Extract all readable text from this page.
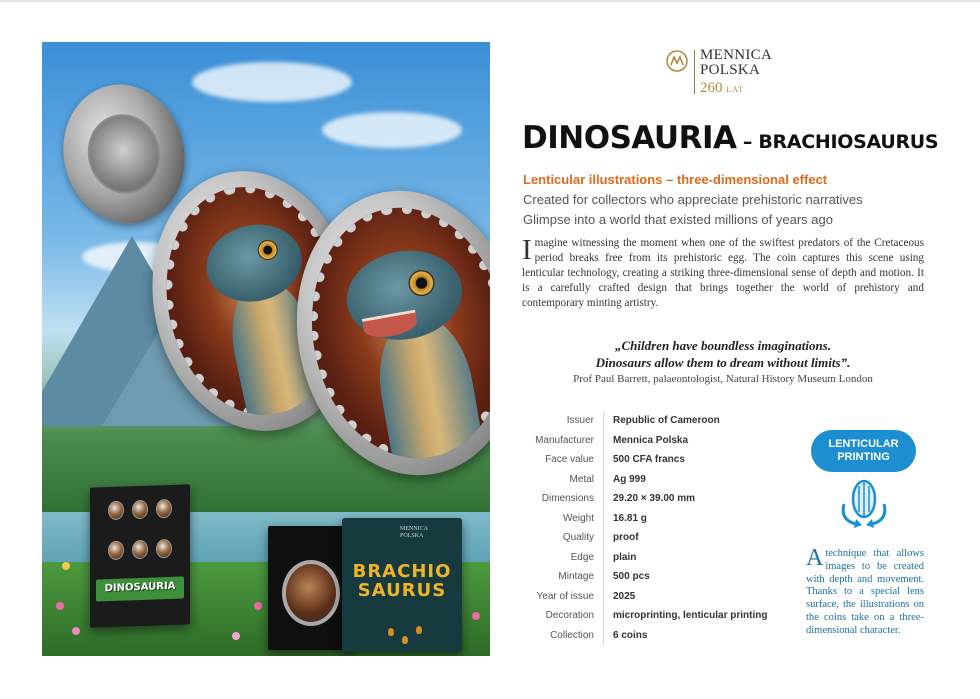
DINOSAURIA
MENNICA
POLSKA
BRACHIO
SAURUS
MENNICA
POLSKA
260 LAT
DINOSAURIA – BRACHIOSAURUS
Lenticular illustrations – three-dimensional effect
Created for collectors who appreciate prehistoric narratives
Glimpse into a world that existed millions of years ago
Imagine witnessing the moment when one of the swiftest predators of the Cretaceous period breaks free from its prehistoric egg. The coin captures this scene using lenticular technology, creating a striking three-dimensional sense of depth and motion. It is a carefully crafted design that brings together the world of prehistory and contemporary minting artistry.
„Children have boundless imaginations.
Dinosaurs allow them to dream without limits”.
Prof Paul Barrett, palaeontologist, Natural History Museum London
Issuer Republic of Cameroon
Manufacturer Mennica Polska
Face value 500 CFA francs
Metal Ag 999
Dimensions 29.20 × 39.00 mm
Weight 16.81 g
Quality proof
Edge plain
Mintage 500 pcs
Year of issue 2025
Decoration microprinting, lenticular printing
Collection 6 coins
LENTICULAR
PRINTING
Atechnique that allows images to be created with depth and movement. Thanks to a special lens surface, the illustrations on the coins take on a three-dimensional character.
